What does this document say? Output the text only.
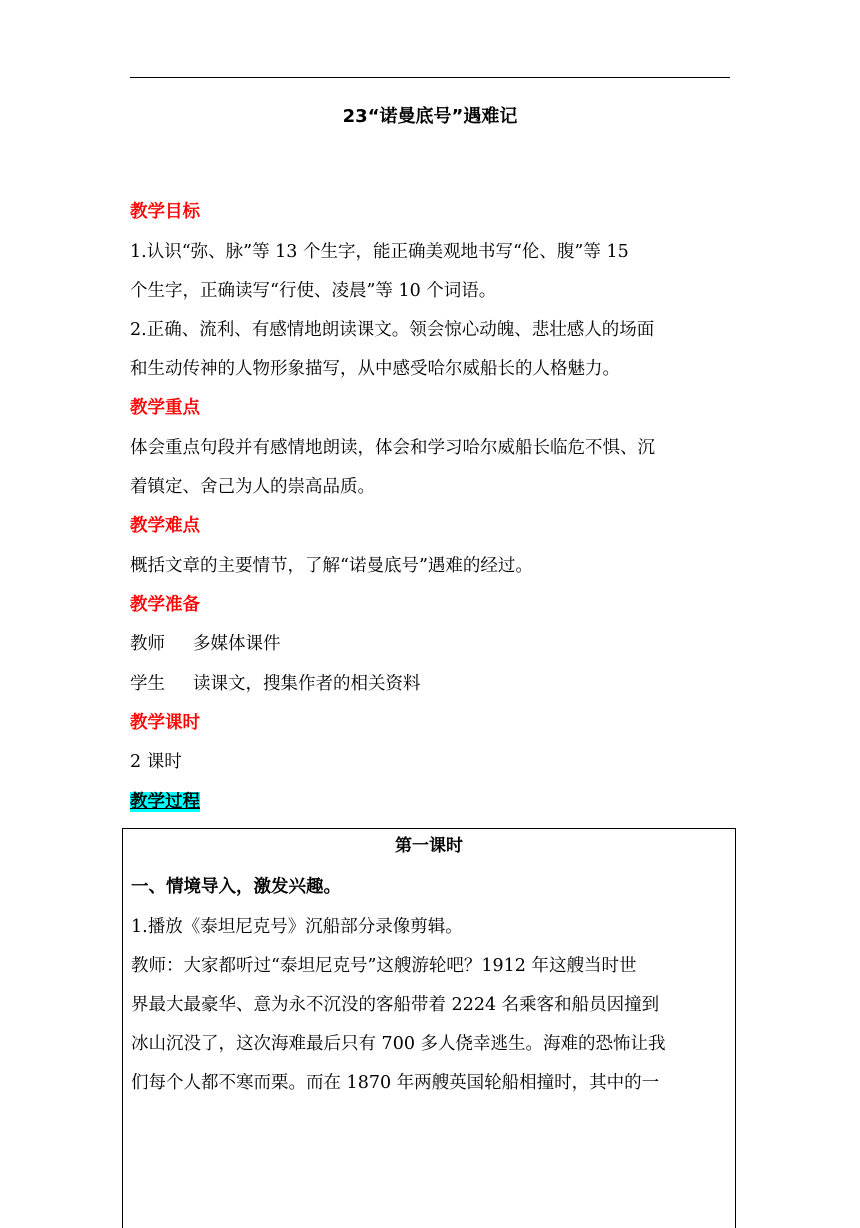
23“诺曼底号”遇难记
教学目标
1.认识“弥、脉”等 13 个生字，能正确美观地书写“伦、腹”等 15
个生字，正确读写“行使、凌晨”等 10 个词语。
2.正确、流利、有感情地朗读课文。领会惊心动魄、悲壮感人的场面
和生动传神的人物形象描写，从中感受哈尔威船长的人格魅力。
教学重点
体会重点句段并有感情地朗读，体会和学习哈尔威船长临危不惧、沉
着镇定、舍己为人的崇高品质。
教学难点
概括文章的主要情节，了解“诺曼底号”遇难的经过。
教学准备
教师 多媒体课件
学生 读课文，搜集作者的相关资料
教学课时
2 课时
教学过程
第一课时
一、情境导入，激发兴趣。
1.播放《泰坦尼克号》沉船部分录像剪辑。
教师：大家都听过“泰坦尼克号”这艘游轮吧？1912 年这艘当时世
界最大最豪华、意为永不沉没的客船带着 2224 名乘客和船员因撞到
冰山沉没了，这次海难最后只有 700 多人侥幸逃生。海难的恐怖让我
们每个人都不寒而栗。而在 1870 年两艘英国轮船相撞时，其中的一
